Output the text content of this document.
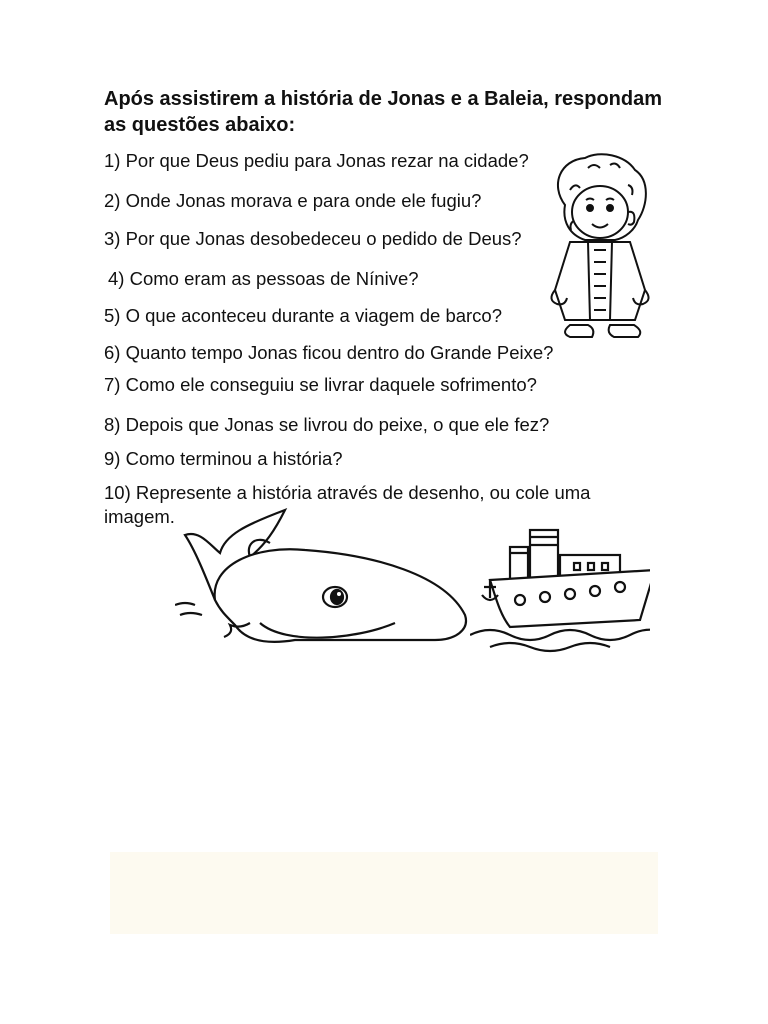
Após assistirem a história de Jonas e a Baleia, respondam as questões abaixo:
1) Por que Deus pediu para Jonas rezar na cidade?
2) Onde Jonas morava e para onde ele fugiu?
3) Por que Jonas desobedeceu o pedido de Deus?
4) Como eram as pessoas de Nínive?
5) O que aconteceu durante a viagem de barco?
6) Quanto tempo Jonas ficou dentro do Grande Peixe?
7) Como ele conseguiu se livrar daquele sofrimento?
8) Depois que Jonas se livrou do peixe, o que ele fez?
9) Como terminou a história?
10) Represente a história através de desenho, ou cole uma imagem.
